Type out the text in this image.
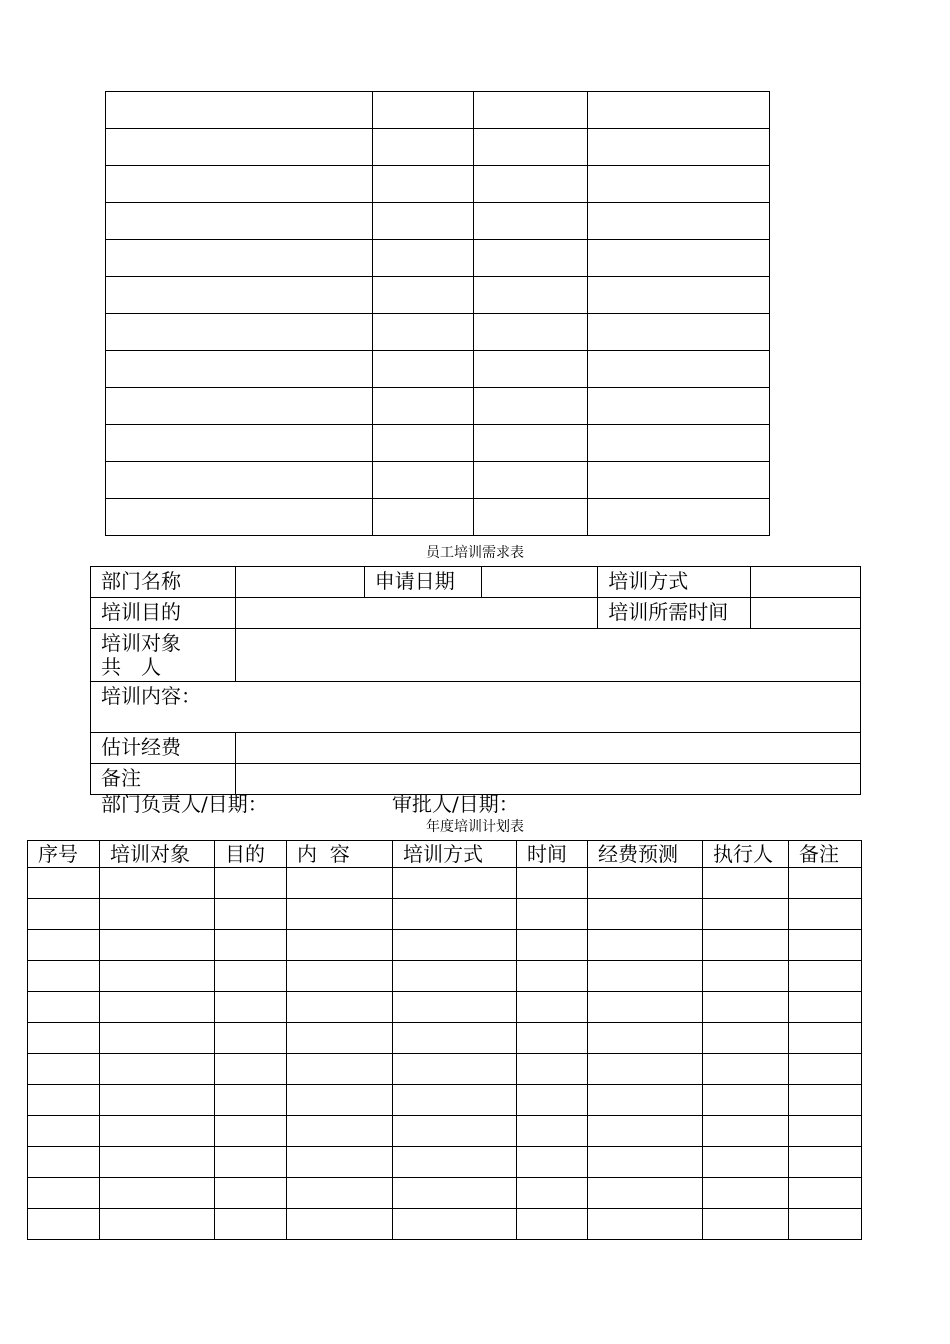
员工培训需求表
部门名称		申请日期		培训方式	
培训目的				培训所需时间	

培训对象
共　人					

培训内容：					
估计经费					
备注					
部门负责人/日期：	审批人/日期：
年度培训计划表
序号	培训对象	目的	内  容	培训方式	时间	经费预测	执行人	备注
